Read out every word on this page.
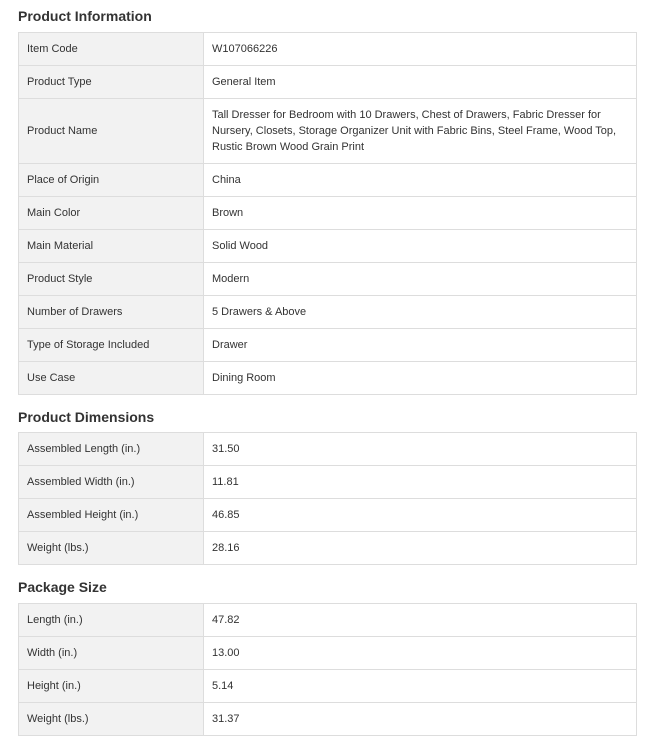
Product Information
Item Code	W107066226
Product Type	General Item
Product Name	Tall Dresser for Bedroom with 10 Drawers, Chest of Drawers, Fabric Dresser for Nursery, Closets, Storage Organizer Unit with Fabric Bins, Steel Frame, Wood Top, Rustic Brown Wood Grain Print
Place of Origin	China
Main Color	Brown
Main Material	Solid Wood
Product Style	Modern
Number of Drawers	5 Drawers & Above
Type of Storage Included	Drawer
Use Case	Dining Room
Product Dimensions
Assembled Length (in.)	31.50
Assembled Width (in.)	11.81
Assembled Height (in.)	46.85
Weight (lbs.)	28.16
Package Size
Length (in.)	47.82
Width (in.)	13.00
Height (in.)	5.14
Weight (lbs.)	31.37
